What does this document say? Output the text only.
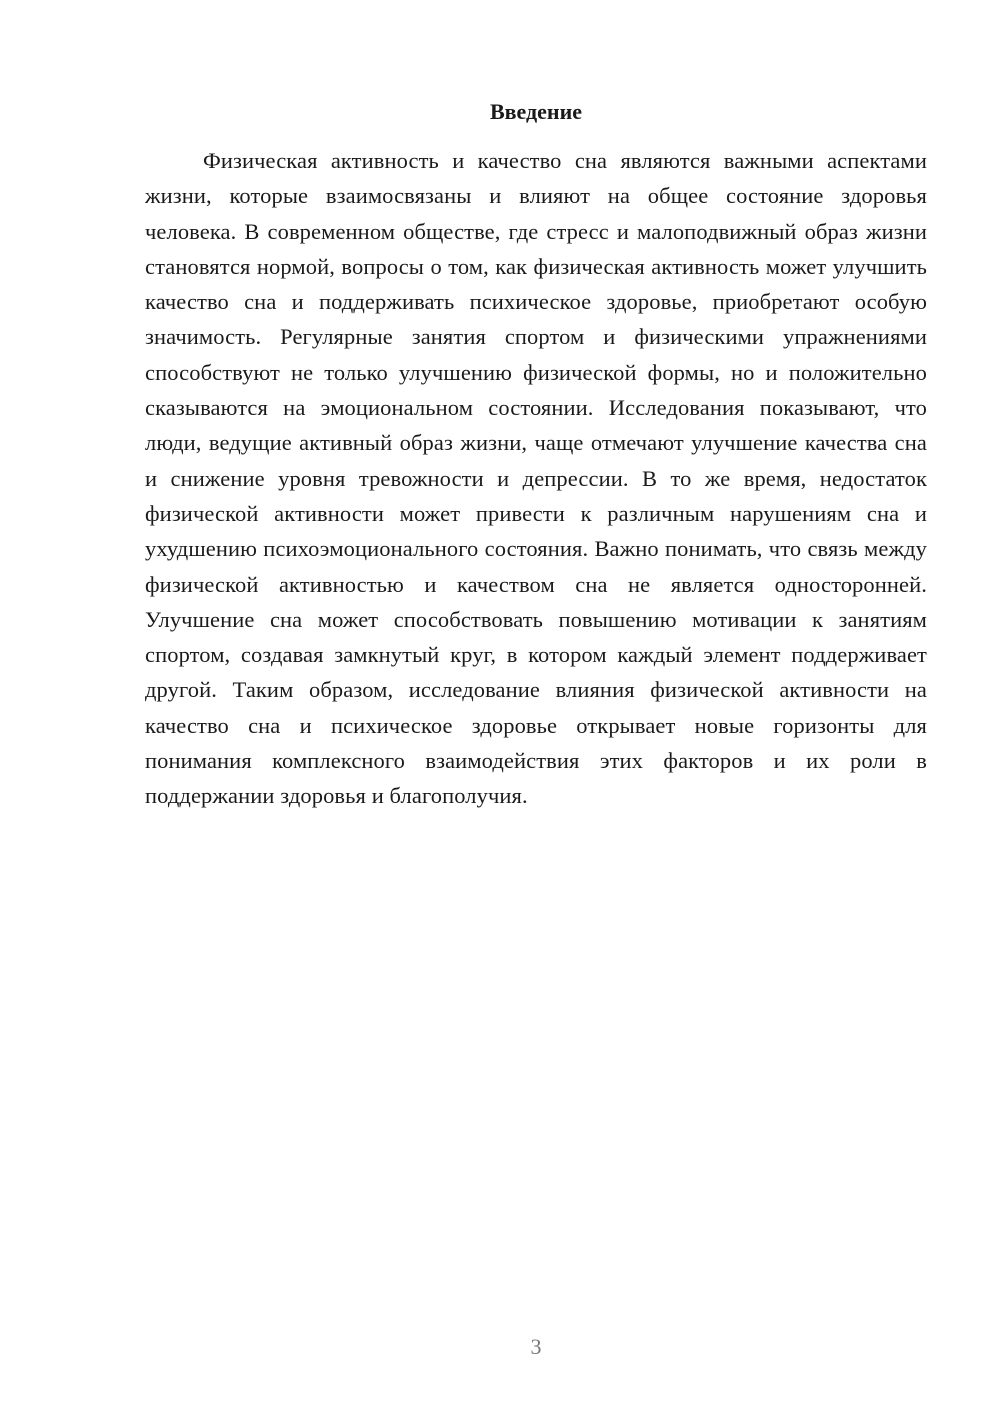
Введение

Физическая активность и качество сна являются важными аспектами жизни, которые взаимосвязаны и влияют на общее состояние здоровья человека. В современном обществе, где стресс и малоподвижный образ жизни становятся нормой, вопросы о том, как физическая активность может улучшить качество сна и поддерживать психическое здоровье, приобретают особую значимость. Регулярные занятия спортом и физическими упражнениями способствуют не только улучшению физической формы, но и положительно сказываются на эмоциональном состоянии. Исследования показывают, что люди, ведущие активный образ жизни, чаще отмечают улучшение качества сна и снижение уровня тревожности и депрессии. В то же время, недостаток физической активности может привести к различным нарушениям сна и ухудшению психоэмоционального состояния. Важно понимать, что связь между физической активностью и качеством сна не является односторонней. Улучшение сна может способствовать повышению мотивации к занятиям спортом, создавая замкнутый круг, в котором каждый элемент поддерживает другой. Таким образом, исследование влияния физической активности на качество сна и психическое здоровье открывает новые горизонты для понимания комплексного взаимодействия этих факторов и их роли в поддержании здоровья и благополучия.

3
